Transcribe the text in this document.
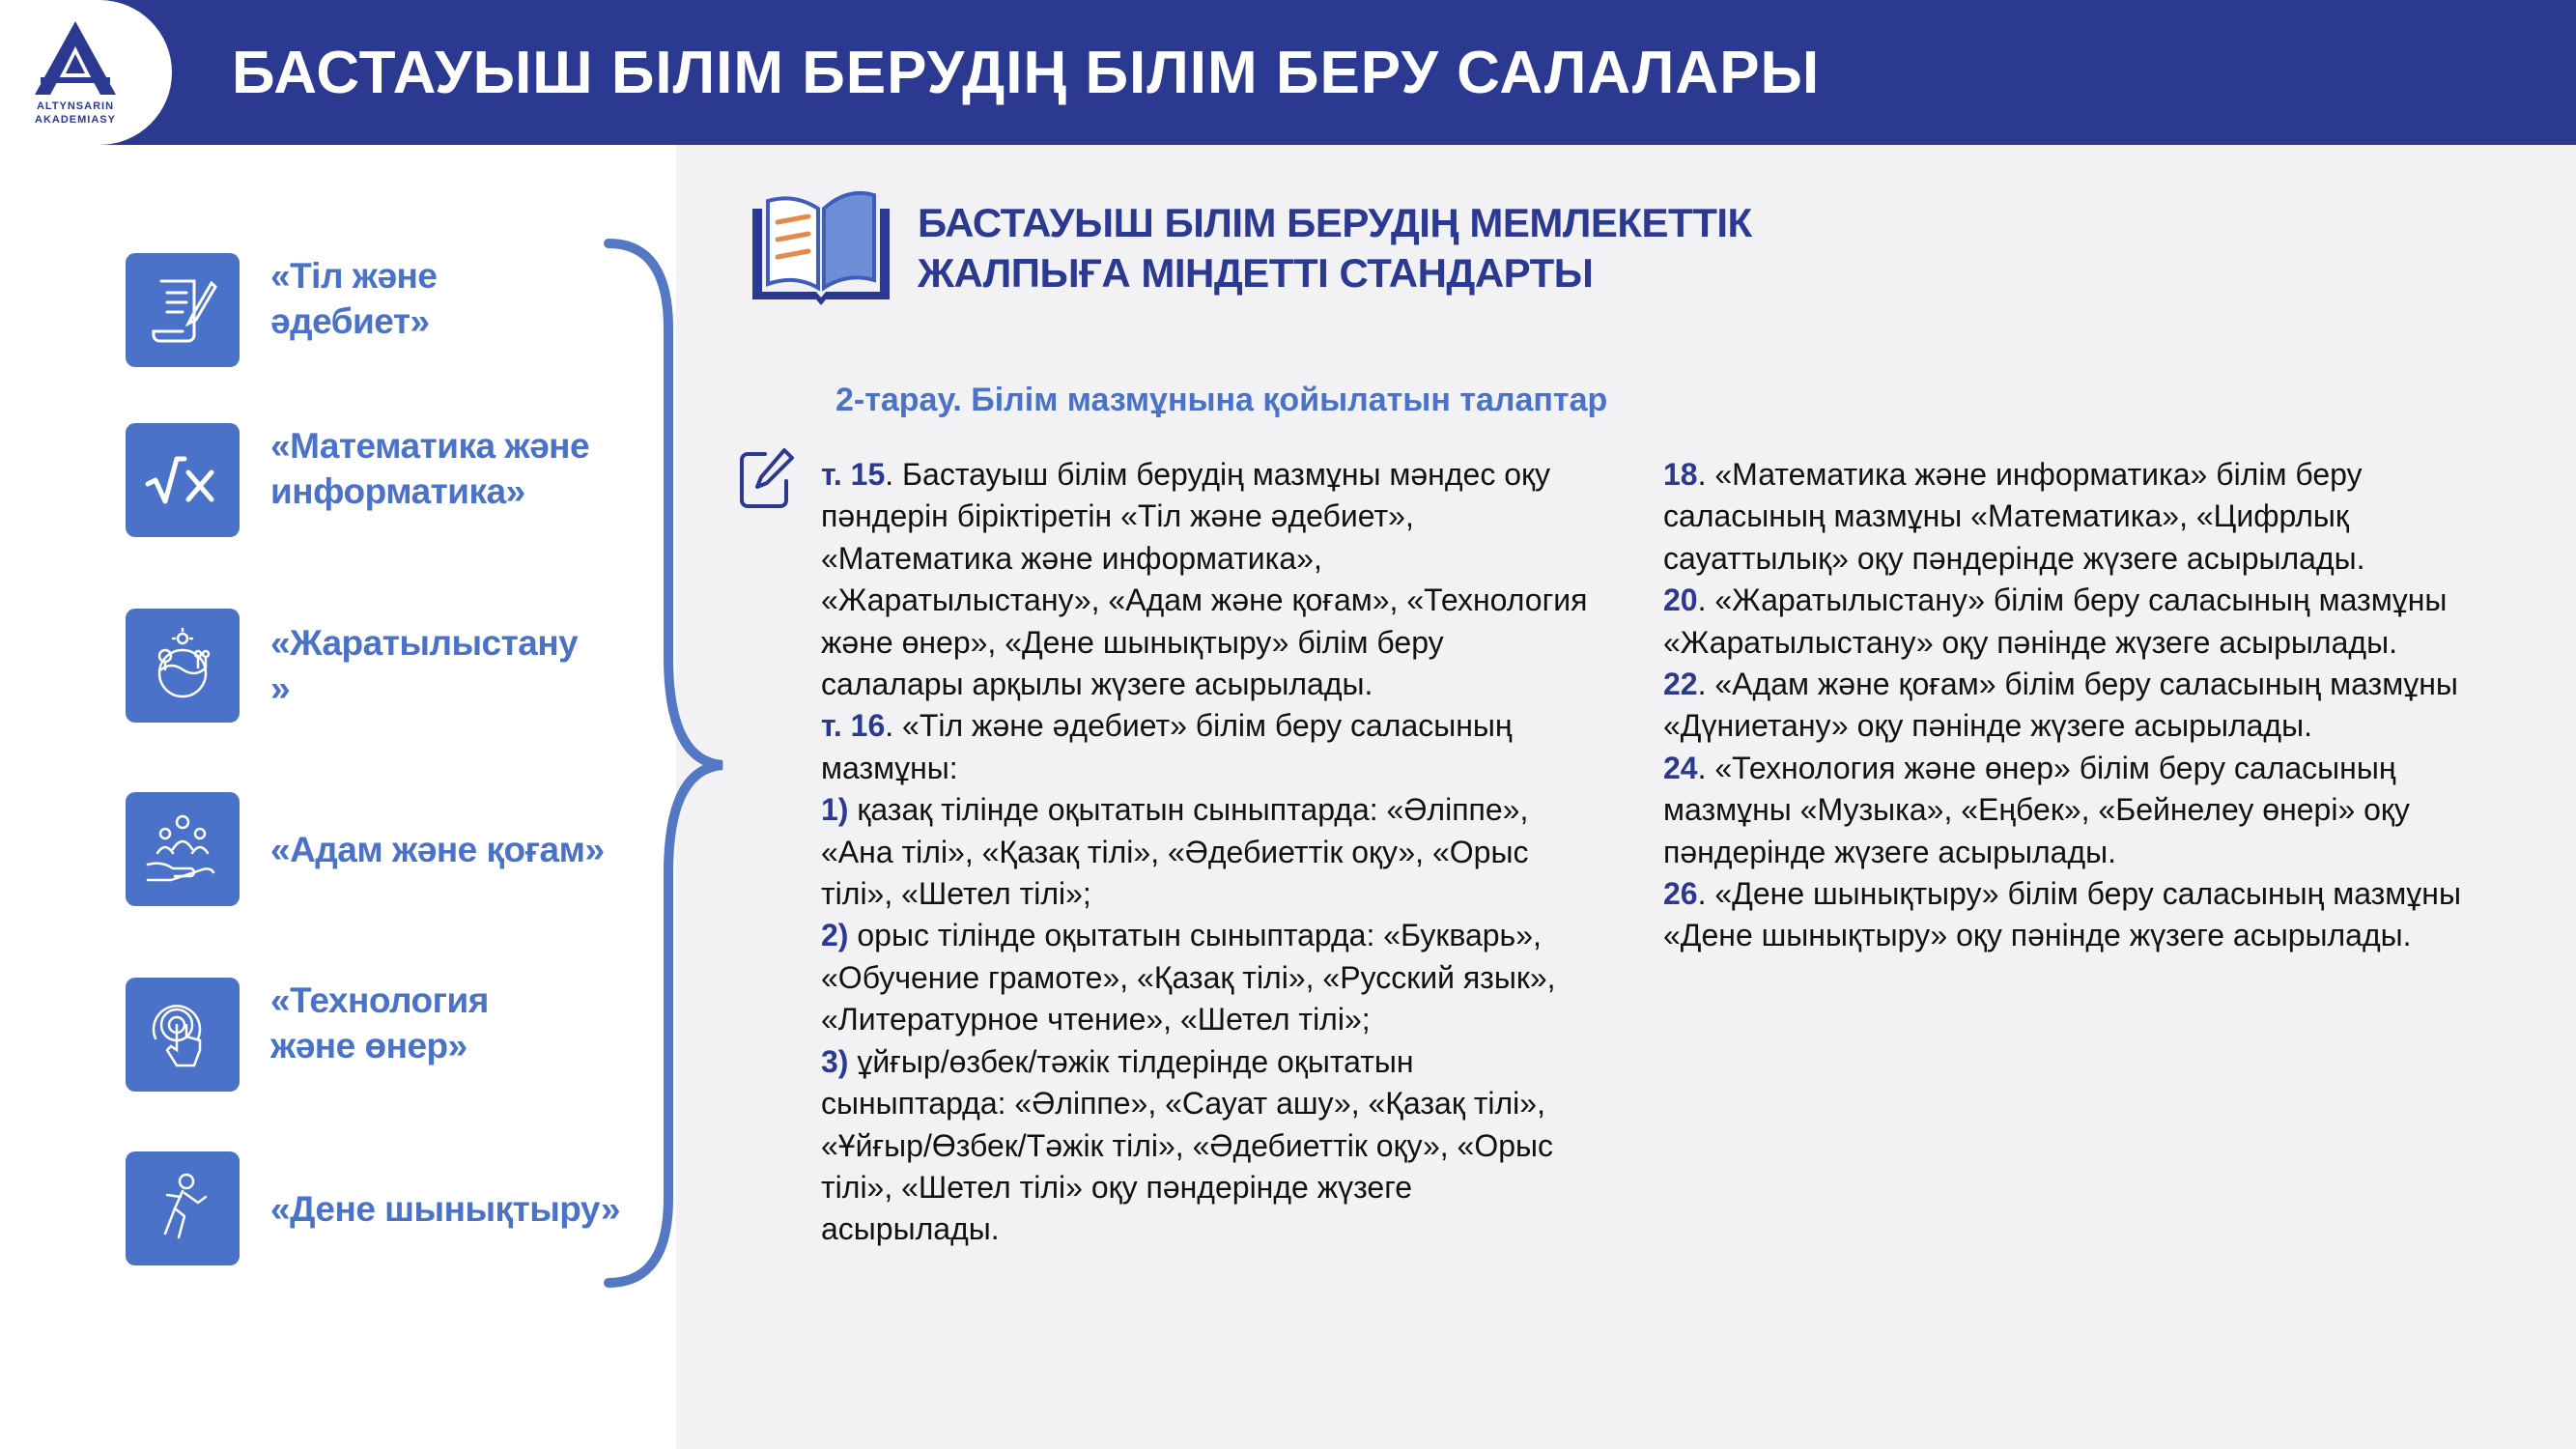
ALTYNSARIN
AKADEMIASY
БАСТАУЫШ БІЛІМ БЕРУДІҢ БІЛІМ БЕРУ САЛАЛАРЫ
«Тіл және
әдебиет»
«Математика және
информатика»
«Жаратылыстану
»
«Адам және қоғам»
«Технология
және өнер»
«Дене шынықтыру»
БАСТАУЫШ БІЛІМ БЕРУДІҢ МЕМЛЕКЕТТІК
ЖАЛПЫҒА МІНДЕТТІ СТАНДАРТЫ
2-тарау. Білім мазмұнына қойылатын талаптар

т. 15. Бастауыш білім берудің мазмұны мәндес оқу пәндерін біріктіретін «Тіл және әдебиет», «Математика және информатика», «Жаратылыстану», «Адам және қоғам», «Технология және өнер», «Дене шынықтыру» білім беру салалары арқылы жүзеге асырылады.

т. 16. «Тіл және әдебиет» білім беру саласының мазмұны:

1) қазақ тілінде оқытатын сыныптарда: «Әліппе», «Ана тілі», «Қазақ тілі», «Әдебиеттік оқу», «Орыс тілі», «Шетел тілі»;

2) орыс тілінде оқытатын сыныптарда: «Букварь», «Обучение грамоте», «Қазақ тілі», «Русский язык», «Литературное чтение», «Шетел тілі»;

3) ұйғыр/өзбек/тәжік тілдерінде оқытатын сыныптарда: «Әліппе», «Сауат ашу», «Қазақ тілі», «Ұйғыр/Өзбек/Тәжік тілі», «Әдебиеттік оқу», «Орыс тілі», «Шетел тілі» оқу пәндерінде жүзеге асырылады.

18. «Математика және информатика» білім беру саласының мазмұны «Математика», «Цифрлық сауаттылық» оқу пәндерінде жүзеге асырылады.

20. «Жаратылыстану» білім беру саласының мазмұны «Жаратылыстану» оқу пәнінде жүзеге асырылады.

22. «Адам және қоғам» білім беру саласының мазмұны «Дүниетану» оқу пәнінде жүзеге асырылады.

24. «Технология және өнер» білім беру саласының мазмұны «Музыка», «Еңбек», «Бейнелеу өнері» оқу пәндерінде жүзеге асырылады.

26. «Дене шынықтыру» білім беру саласының мазмұны «Дене шынықтыру» оқу пәнінде жүзеге асырылады.
